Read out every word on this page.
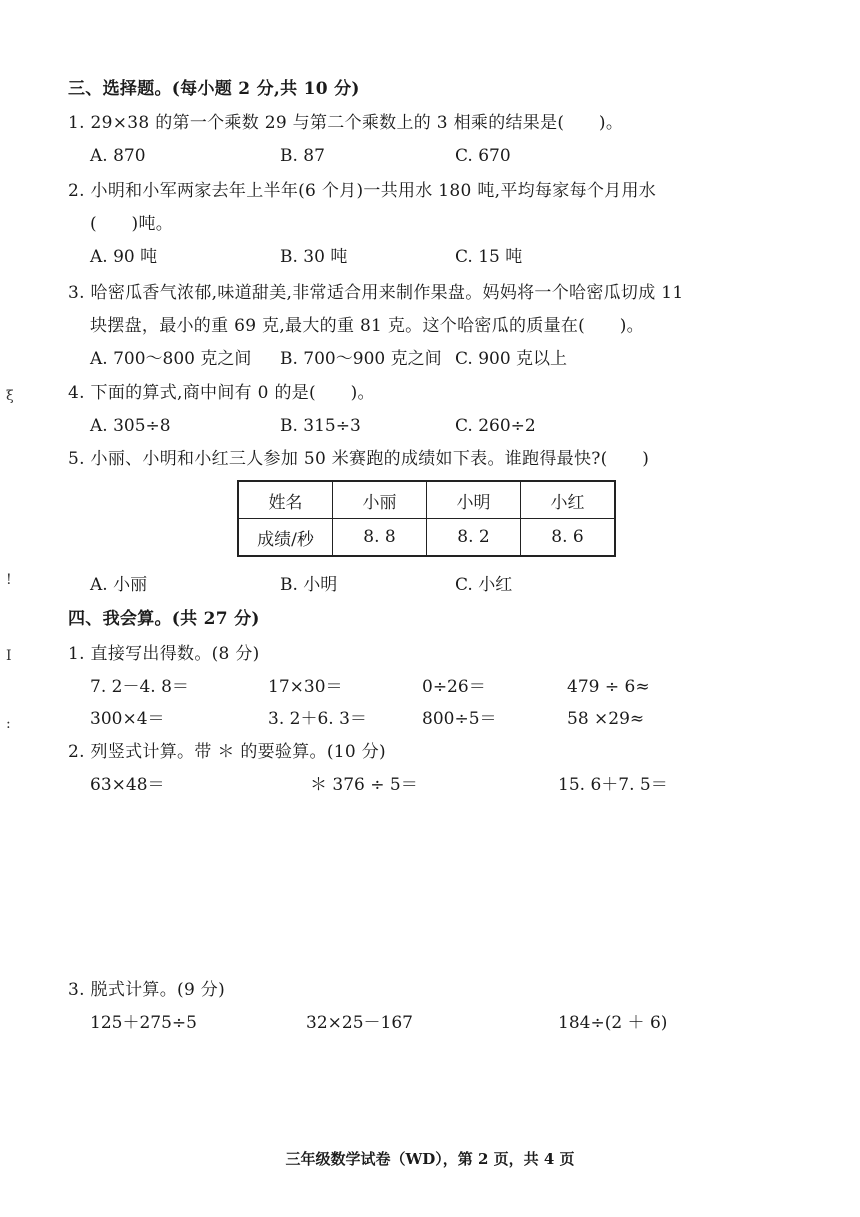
三、选择题。(每小题 2 分,共 10 分)
1. 29×38 的第一个乘数 29 与第二个乘数上的 3 相乘的结果是(　　)。
A. 870	B. 87	C. 670
2. 小明和小军两家去年上半年(6 个月)一共用水 180 吨,平均每家每个月用水
(　　)吨。
A. 90 吨	B. 30 吨	C. 15 吨
3. 哈密瓜香气浓郁,味道甜美,非常适合用来制作果盘。妈妈将一个哈密瓜切成 11
块摆盘，最小的重 69 克,最大的重 81 克。这个哈密瓜的质量在(　　)。
A. 700～800 克之间 B. 700～900 克之间 C. 900 克以上
4. 下面的算式,商中间有 0 的是(　　)。
A. 305÷8	B. 315÷3	C. 260÷2
5. 小丽、小明和小红三人参加 50 米赛跑的成绩如下表。谁跑得最快?(　　)
姓名	小丽	小明	小红
成绩/秒	8. 8	8. 2	8. 6
A. 小丽	B. 小明	C. 小红
四、我会算。(共 27 分)
1. 直接写出得数。(8 分)
7. 2－4. 8＝	17×30＝	0÷26＝	479 ÷ 6≈
300×4＝	3. 2＋6. 3＝	800÷5＝	58 ×29≈
2. 列竖式计算。带 ＊ 的要验算。(10 分)
63×48＝	＊ 376 ÷ 5＝	15. 6＋7. 5＝
3. 脱式计算。(9 分)
125＋275÷5	32×25－167	184÷(2 ＋ 6)
ξ
!
I
:
三年级数学试卷（WD），第 2 页，共 4 页
